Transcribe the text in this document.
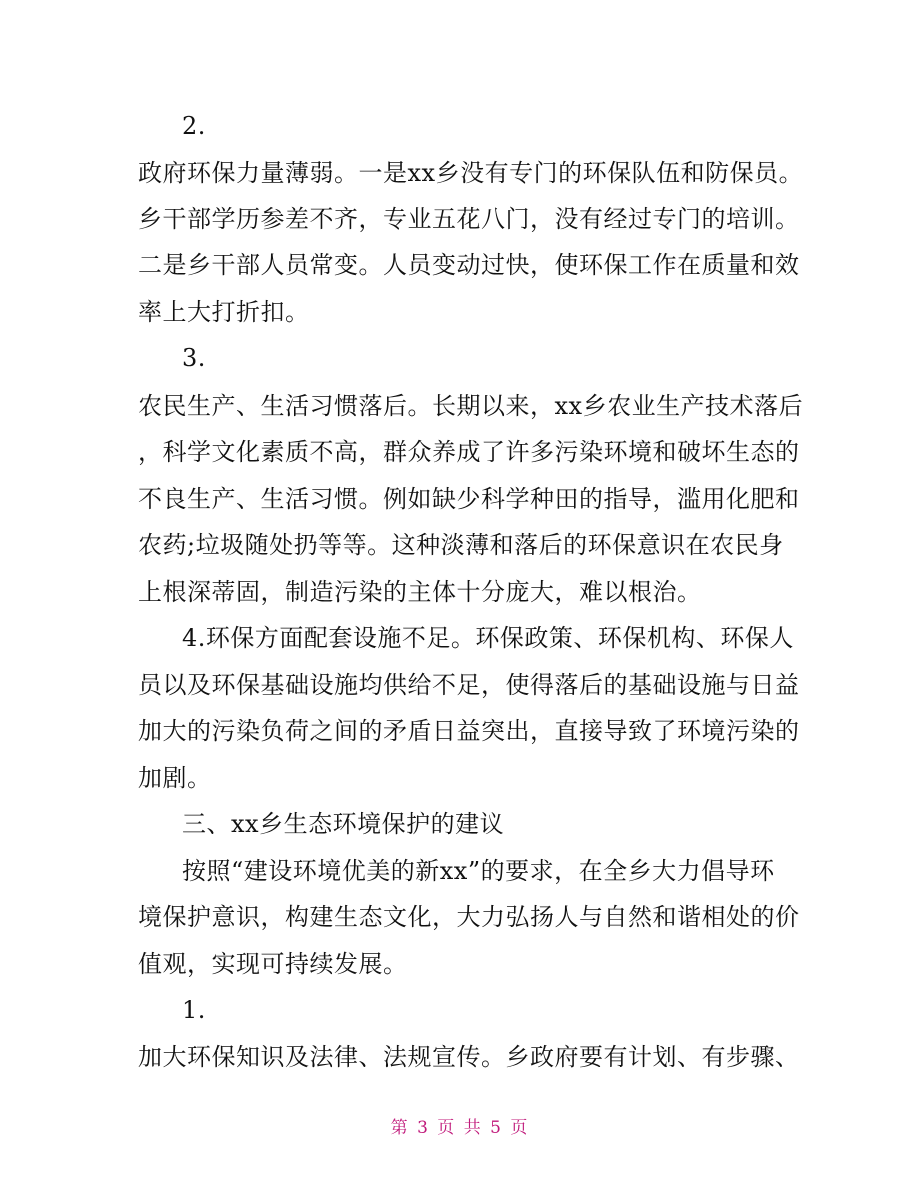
2.
政府环保力量薄弱。一是xx乡没有专门的环保队伍和防保员。
乡干部学历参差不齐，专业五花八门，没有经过专门的培训。
二是乡干部人员常变。人员变动过快，使环保工作在质量和效
率上大打折扣。
3.
农民生产、生活习惯落后。长期以来，xx乡农业生产技术落后
，科学文化素质不高，群众养成了许多污染环境和破坏生态的
不良生产、生活习惯。例如缺少科学种田的指导，滥用化肥和
农药;垃圾随处扔等等。这种淡薄和落后的环保意识在农民身
上根深蒂固，制造污染的主体十分庞大，难以根治。
4.环保方面配套设施不足。环保政策、环保机构、环保人
员以及环保基础设施均供给不足，使得落后的基础设施与日益
加大的污染负荷之间的矛盾日益突出，直接导致了环境污染的
加剧。
三、xx乡生态环境保护的建议
按照“建设环境优美的新xx”的要求，在全乡大力倡导环
境保护意识，构建生态文化，大力弘扬人与自然和谐相处的价
值观，实现可持续发展。
1.
加大环保知识及法律、法规宣传。乡政府要有计划、有步骤、
第 3 页 共 5 页
